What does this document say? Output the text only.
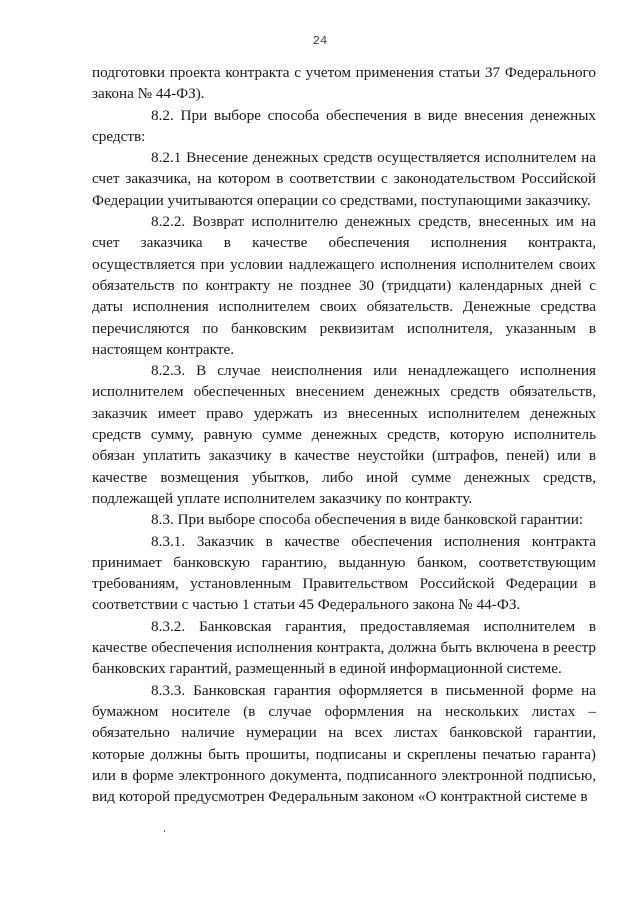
24

подготовки проекта контракта с учетом применения статьи 37 Федерального закона № 44-ФЗ).

8.2. При выборе способа обеспечения в виде внесения денежных средств:

8.2.1 Внесение денежных средств осуществляется исполнителем на счет заказчика, на котором в соответствии с законодательством Российской Федерации учитываются операции со средствами, поступающими заказчику.

8.2.2. Возврат исполнителю денежных средств, внесенных им на счет заказчика в качестве обеспечения исполнения контракта, осуществляется при условии надлежащего исполнения исполнителем своих обязательств по контракту не позднее 30 (тридцати) календарных дней с даты исполнения исполнителем своих обязательств. Денежные средства перечисляются по банковским реквизитам исполнителя, указанным в настоящем контракте.

8.2.3. В случае неисполнения или ненадлежащего исполнения исполнителем обеспеченных внесением денежных средств обязательств, заказчик имеет право удержать из внесенных исполнителем денежных средств сумму, равную сумме денежных средств, которую исполнитель обязан уплатить заказчику в качестве неустойки (штрафов, пеней) или в качестве возмещения убытков, либо иной сумме денежных средств, подлежащей уплате исполнителем заказчику по контракту.

8.3. При выборе способа обеспечения в виде банковской гарантии:

8.3.1. Заказчик в качестве обеспечения исполнения контракта принимает банковскую гарантию, выданную банком, соответствующим требованиям, установленным Правительством Российской Федерации в соответствии с частью 1 статьи 45 Федерального закона № 44-ФЗ.

8.3.2. Банковская гарантия, предоставляемая исполнителем в качестве обеспечения исполнения контракта, должна быть включена в реестр банковских гарантий, размещенный в единой информационной системе.

8.3.3. Банковская гарантия оформляется в письменной форме на бумажном носителе (в случае оформления на нескольких листах – обязательно наличие нумерации на всех листах банковской гарантии, которые должны быть прошиты, подписаны и скреплены печатью гаранта) или в форме электронного документа, подписанного электронной подписью, вид которой предусмотрен Федеральным законом «О контрактной системе в
